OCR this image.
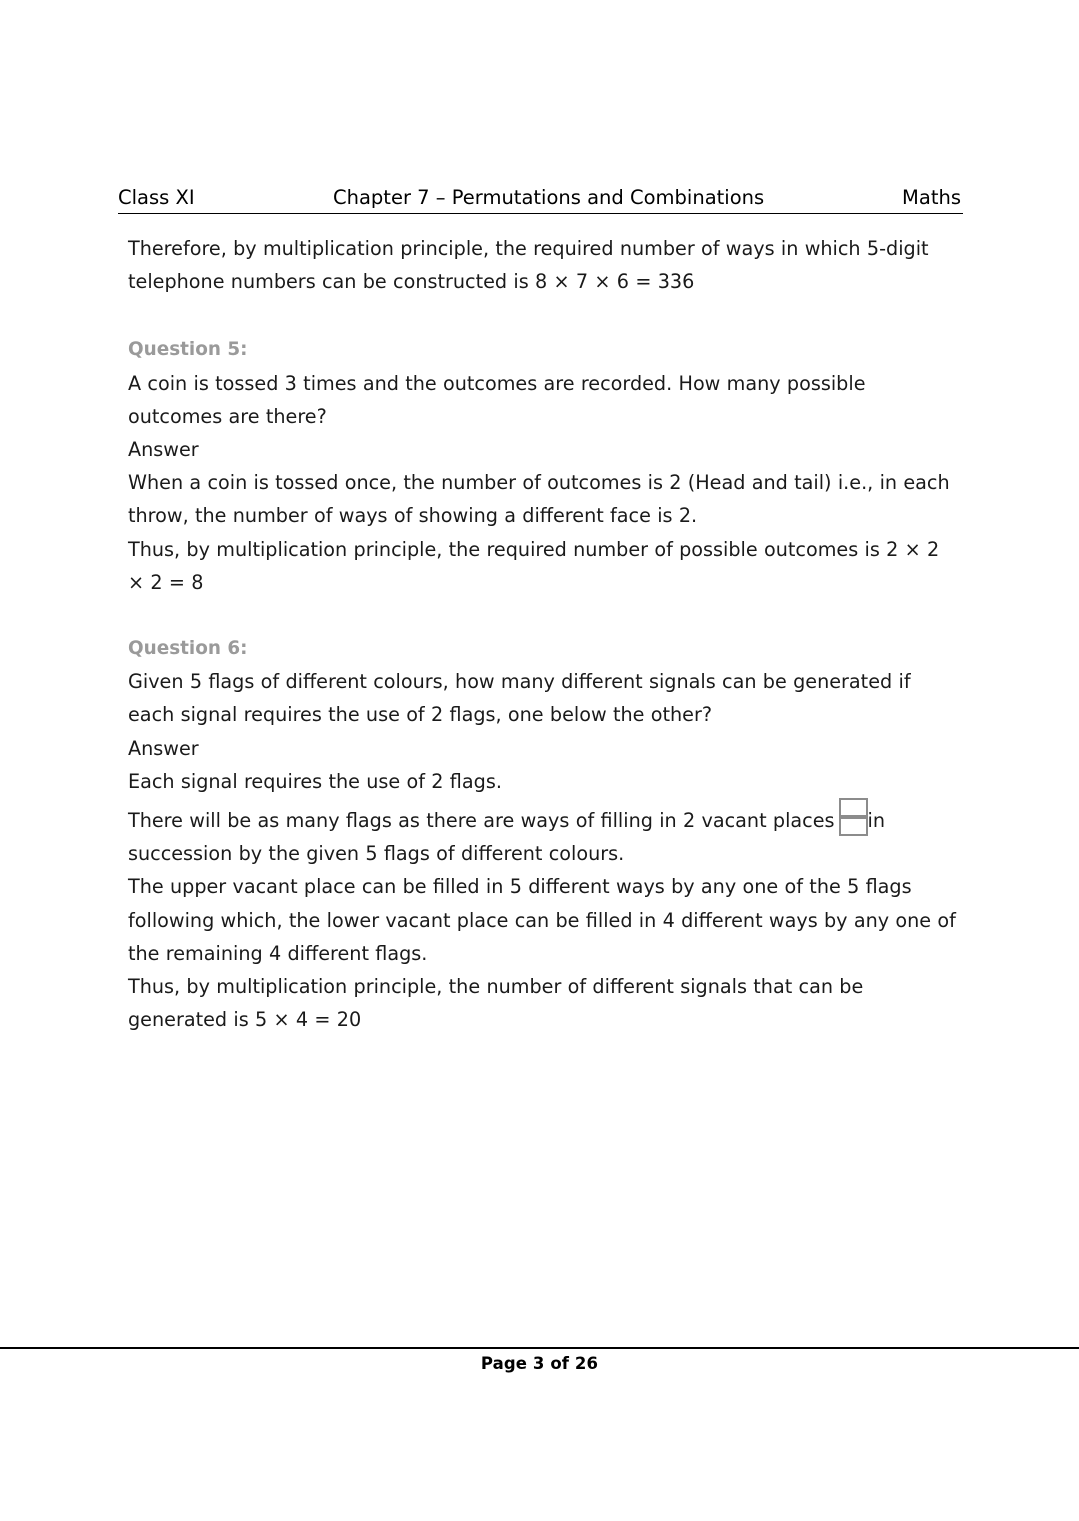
Class XI	Chapter 7 – Permutations and Combinations	Maths

Therefore, by multiplication principle, the required number of ways in which 5-digit telephone numbers can be constructed is 8 × 7 × 6 = 336

Question 5:

A coin is tossed 3 times and the outcomes are recorded. How many possible outcomes are there?

Answer

When a coin is tossed once, the number of outcomes is 2 (Head and tail) i.e., in each throw, the number of ways of showing a different face is 2.

Thus, by multiplication principle, the required number of possible outcomes is 2 × 2 × 2 = 8

Question 6:

Given 5 flags of different colours, how many different signals can be generated if each signal requires the use of 2 flags, one below the other?

Answer

Each signal requires the use of 2 flags.

There will be as many flags as there are ways of filling in 2 vacant places in succession by the given 5 flags of different colours.

The upper vacant place can be filled in 5 different ways by any one of the 5 flags following which, the lower vacant place can be filled in 4 different ways by any one of the remaining 4 different flags.

Thus, by multiplication principle, the number of different signals that can be generated is 5 × 4 = 20

Page 3 of 26
